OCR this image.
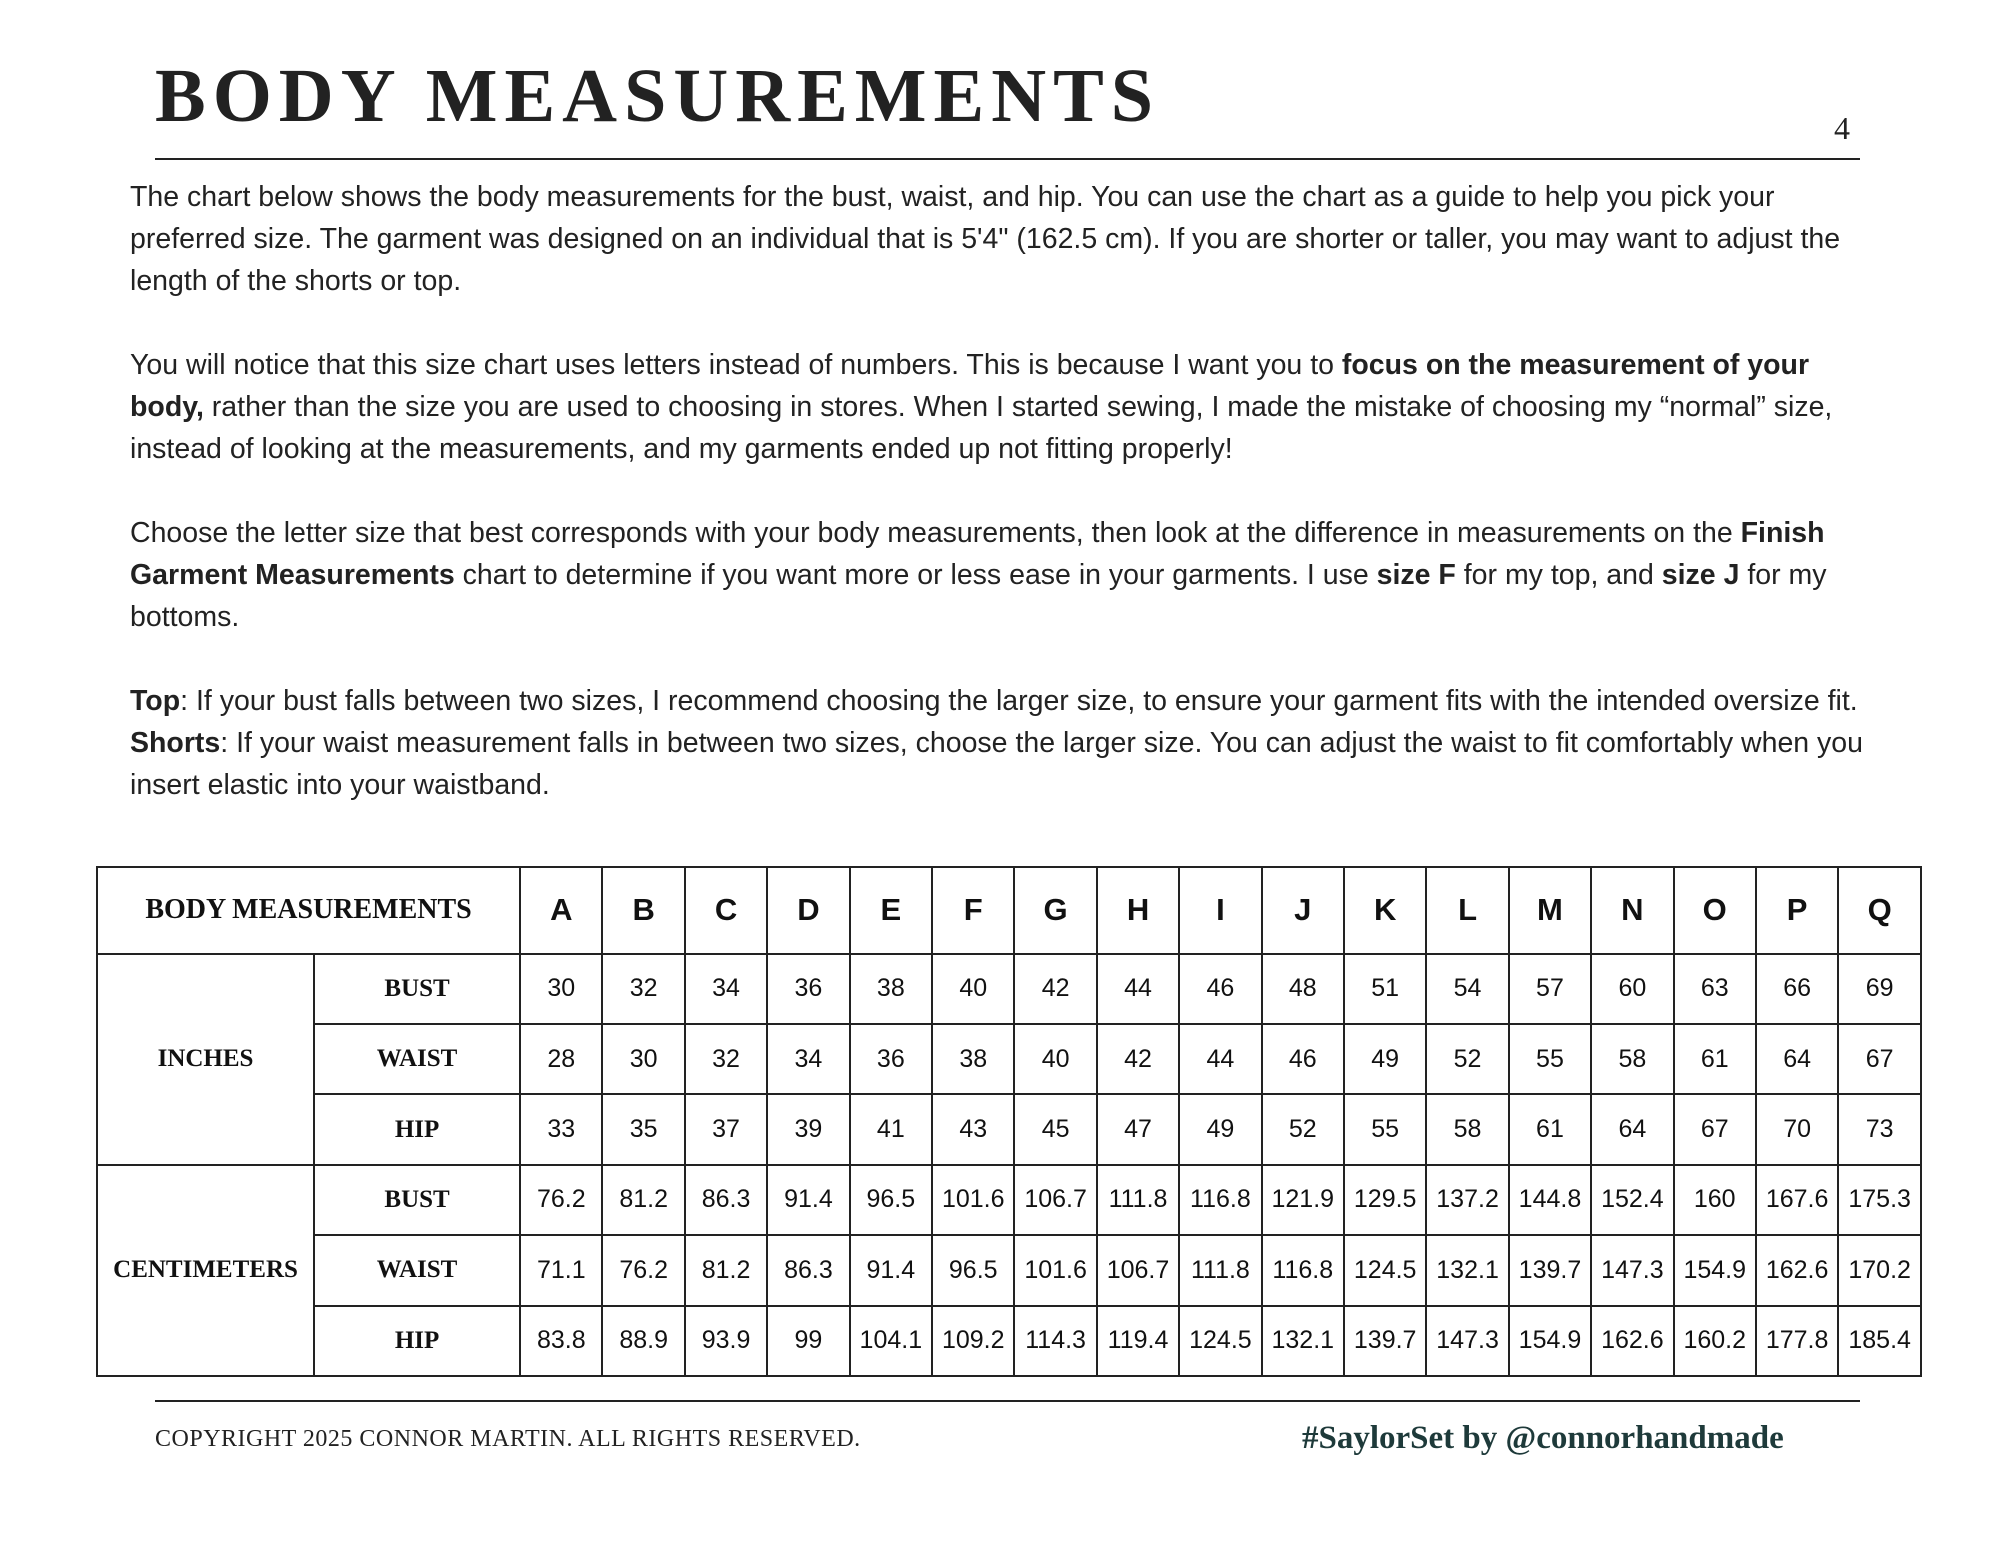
BODY MEASUREMENTS	4

The chart below shows the body measurements for the bust, waist, and hip. You can use the chart as a guide to help you pick your preferred size. The garment was designed on an individual that is 5'4" (162.5 cm). If you are shorter or taller, you may want to adjust the length of the shorts or top.

You will notice that this size chart uses letters instead of numbers. This is because I want you to focus on the measurement of your body, rather than the size you are used to choosing in stores. When I started sewing, I made the mistake of choosing my “normal” size, instead of looking at the measurements, and my garments ended up not fitting properly!

Choose the letter size that best corresponds with your body measurements, then look at the difference in measurements on the Finish Garment Measurements chart to determine if you want more or less ease in your garments. I use size F for my top, and size J for my bottoms.

Top: If your bust falls between two sizes, I recommend choosing the larger size, to ensure your garment fits with the intended oversize fit.

Shorts: If your waist measurement falls in between two sizes, choose the larger size. You can adjust the waist to fit comfortably when you insert elastic into your waistband.

BODY MEASUREMENTS		A	B	C	D	E	F	G	H	I	J	K	L	M	N	O	P	Q
INCHES	BUST	30	32	34	36	38	40	42	44	46	48	51	54	57	60	63	66	69
	WAIST	28	30	32	34	36	38	40	42	44	46	49	52	55	58	61	64	67
	HIP	33	35	37	39	41	43	45	47	49	52	55	58	61	64	67	70	73
CENTIMETERS	BUST	76.2	81.2	86.3	91.4	96.5	101.6	106.7	111.8	116.8	121.9	129.5	137.2	144.8	152.4	160	167.6	175.3
	WAIST	71.1	76.2	81.2	86.3	91.4	96.5	101.6	106.7	111.8	116.8	124.5	132.1	139.7	147.3	154.9	162.6	170.2
	HIP	83.8	88.9	93.9	99	104.1	109.2	114.3	119.4	124.5	132.1	139.7	147.3	154.9	162.6	160.2	177.8	185.4
COPYRIGHT 2025 CONNOR MARTIN. ALL RIGHTS RESERVED.	#SaylorSet by @connorhandmade
